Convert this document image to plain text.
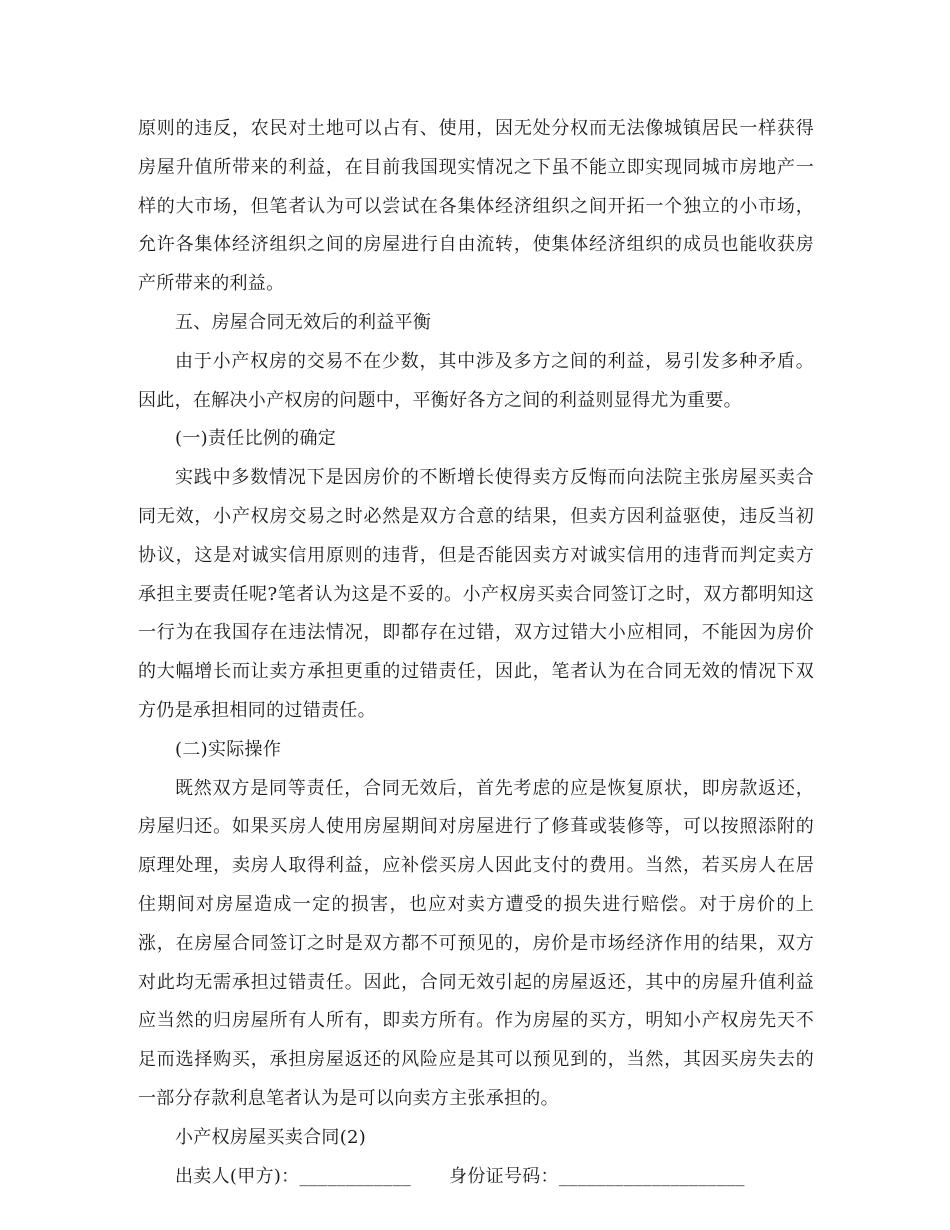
原则的违反，农民对土地可以占有、使用，因无处分权而无法像城镇居民一样获得房屋升值所带来的利益，在目前我国现实情况之下虽不能立即实现同城市房地产一样的大市场，但笔者认为可以尝试在各集体经济组织之间开拓一个独立的小市场，允许各集体经济组织之间的房屋进行自由流转，使集体经济组织的成员也能收获房产所带来的利益。

五、房屋合同无效后的利益平衡

由于小产权房的交易不在少数，其中涉及多方之间的利益，易引发多种矛盾。因此，在解决小产权房的问题中，平衡好各方之间的利益则显得尤为重要。

(一)责任比例的确定

实践中多数情况下是因房价的不断增长使得卖方反悔而向法院主张房屋买卖合同无效，小产权房交易之时必然是双方合意的结果，但卖方因利益驱使，违反当初协议，这是对诚实信用原则的违背，但是否能因卖方对诚实信用的违背而判定卖方承担主要责任呢?笔者认为这是不妥的。小产权房买卖合同签订之时，双方都明知这一行为在我国存在违法情况，即都存在过错，双方过错大小应相同，不能因为房价的大幅增长而让卖方承担更重的过错责任，因此，笔者认为在合同无效的情况下双方仍是承担相同的过错责任。

(二)实际操作

既然双方是同等责任，合同无效后，首先考虑的应是恢复原状，即房款返还，房屋归还。如果买房人使用房屋期间对房屋进行了修葺或装修等，可以按照添附的原理处理，卖房人取得利益，应补偿买房人因此支付的费用。当然，若买房人在居住期间对房屋造成一定的损害，也应对卖方遭受的损失进行赔偿。对于房价的上涨，在房屋合同签订之时是双方都不可预见的，房价是市场经济作用的结果，双方对此均无需承担过错责任。因此，合同无效引起的房屋返还，其中的房屋升值利益应当然的归房屋所有人所有，即卖方所有。作为房屋的买方，明知小产权房先天不足而选择购买，承担房屋返还的风险应是其可以预见到的，当然，其因买房失去的一部分存款利息笔者认为是可以向卖方主张承担的。

小产权房屋买卖合同(2)

出卖人(甲方)：____________ 身份证号码：____________________
